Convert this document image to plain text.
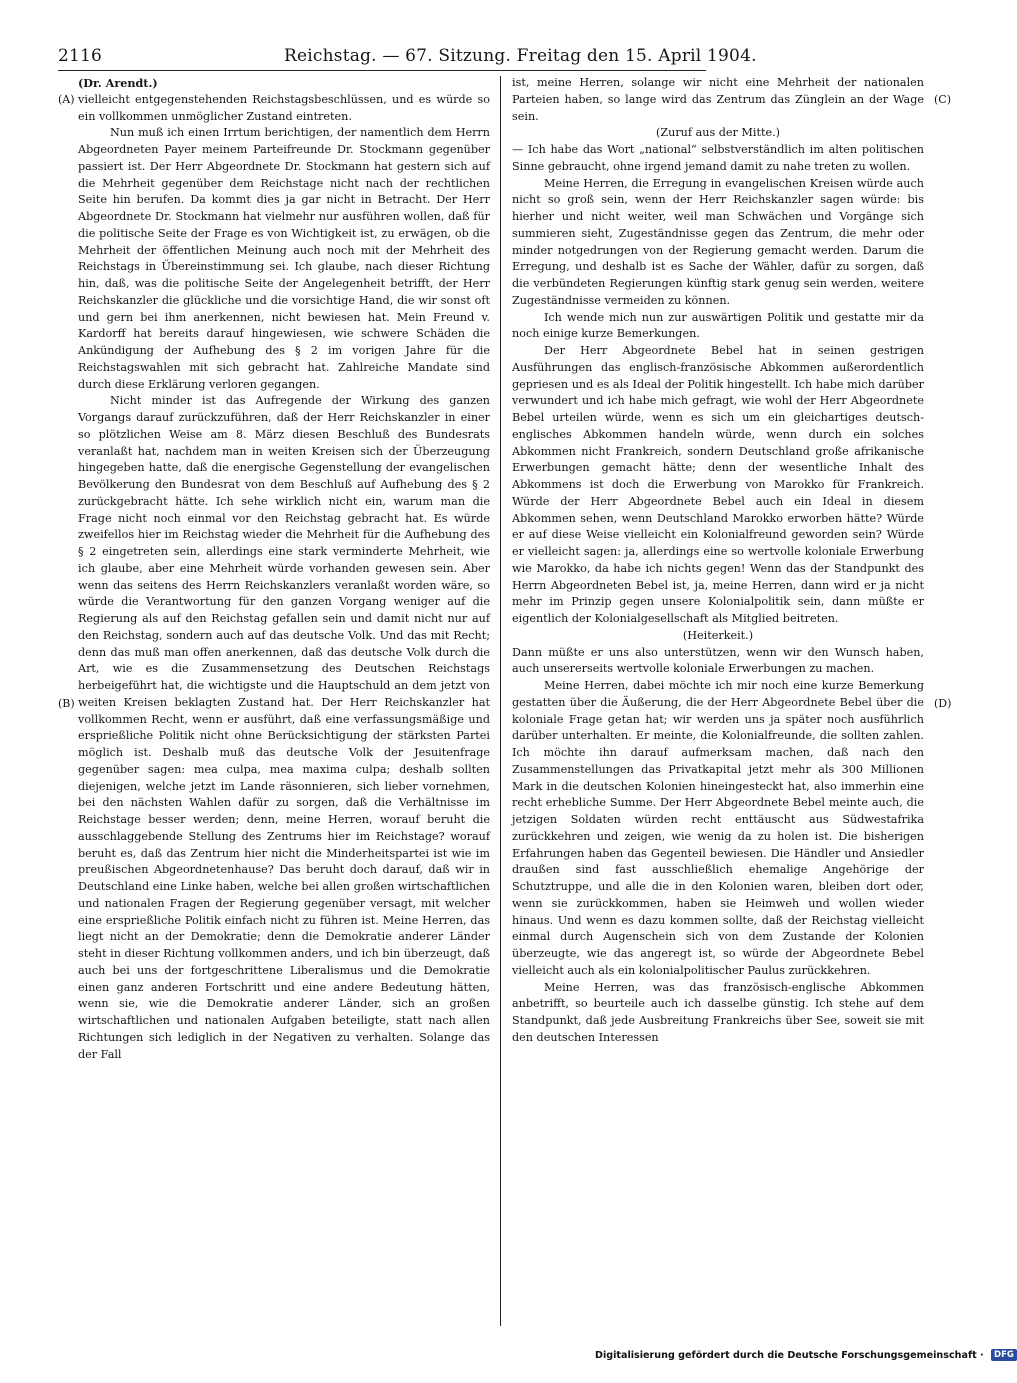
2116	Reichstag. — 67. Sitzung. Freitag den 15. April 1904.
(A)
(B)
(C)
(D)

(Dr. Arendt.)

vielleicht entgegenstehenden Reichstagsbeschlüssen, und es würde so ein vollkommen unmöglicher Zustand eintreten.

Nun muß ich einen Irrtum berichtigen, der namentlich dem Herrn Abgeordneten Payer meinem Parteifreunde Dr. Stockmann gegenüber passiert ist. Der Herr Abgeordnete Dr. Stockmann hat gestern sich auf die Mehrheit gegenüber dem Reichstage nicht nach der rechtlichen Seite hin berufen. Da kommt dies ja gar nicht in Betracht. Der Herr Abgeordnete Dr. Stockmann hat vielmehr nur ausführen wollen, daß für die politische Seite der Frage es von Wichtigkeit ist, zu erwägen, ob die Mehrheit der öffentlichen Meinung auch noch mit der Mehrheit des Reichstags in Übereinstimmung sei. Ich glaube, nach dieser Richtung hin, daß, was die politische Seite der Angelegenheit betrifft, der Herr Reichskanzler die glückliche und die vorsichtige Hand, die wir sonst oft und gern bei ihm anerkennen, nicht bewiesen hat. Mein Freund v. Kardorff hat bereits darauf hingewiesen, wie schwere Schäden die Ankündigung der Aufhebung des § 2 im vorigen Jahre für die Reichstagswahlen mit sich gebracht hat. Zahlreiche Mandate sind durch diese Erklärung verloren gegangen.

Nicht minder ist das Aufregende der Wirkung des ganzen Vorgangs darauf zurückzuführen, daß der Herr Reichskanzler in einer so plötzlichen Weise am 8. März diesen Beschluß des Bundesrats veranlaßt hat, nachdem man in weiten Kreisen sich der Überzeugung hingegeben hatte, daß die energische Gegenstellung der evangelischen Bevölkerung den Bundesrat von dem Beschluß auf Aufhebung des § 2 zurückgebracht hätte. Ich sehe wirklich nicht ein, warum man die Frage nicht noch einmal vor den Reichstag gebracht hat. Es würde zweifellos hier im Reichstag wieder die Mehrheit für die Aufhebung des § 2 eingetreten sein, allerdings eine stark verminderte Mehrheit, wie ich glaube, aber eine Mehrheit würde vorhanden gewesen sein. Aber wenn das seitens des Herrn Reichskanzlers veranlaßt worden wäre, so würde die Verantwortung für den ganzen Vorgang weniger auf die Regierung als auf den Reichstag gefallen sein und damit nicht nur auf den Reichstag, sondern auch auf das deutsche Volk. Und das mit Recht; denn das muß man offen anerkennen, daß das deutsche Volk durch die Art, wie es die Zusammensetzung des Deutschen Reichstags herbeigeführt hat, die wichtigste und die Hauptschuld an dem jetzt von weiten Kreisen beklagten Zustand hat. Der Herr Reichskanzler hat vollkommen Recht, wenn er ausführt, daß eine verfassungsmäßige und ersprießliche Politik nicht ohne Berücksichtigung der stärksten Partei möglich ist. Deshalb muß das deutsche Volk der Jesuitenfrage gegenüber sagen: mea culpa, mea maxima culpa; deshalb sollten diejenigen, welche jetzt im Lande räsonnieren, sich lieber vornehmen, bei den nächsten Wahlen dafür zu sorgen, daß die Verhältnisse im Reichstage besser werden; denn, meine Herren, worauf beruht die ausschlaggebende Stellung des Zentrums hier im Reichstage? worauf beruht es, daß das Zentrum hier nicht die Minderheitspartei ist wie im preußischen Abgeordnetenhause? Das beruht doch darauf, daß wir in Deutschland eine Linke haben, welche bei allen großen wirtschaftlichen und nationalen Fragen der Regierung gegenüber versagt, mit welcher eine ersprießliche Politik einfach nicht zu führen ist. Meine Herren, das liegt nicht an der Demokratie; denn die Demokratie anderer Länder steht in dieser Richtung vollkommen anders, und ich bin überzeugt, daß auch bei uns der fortgeschrittene Liberalismus und die Demokratie einen ganz anderen Fortschritt und eine andere Bedeutung hätten, wenn sie, wie die Demokratie anderer Länder, sich an großen wirtschaftlichen und nationalen Aufgaben beteiligte, statt nach allen Richtungen sich lediglich in der Negativen zu verhalten. Solange das der Fall

ist, meine Herren, solange wir nicht eine Mehrheit der nationalen Parteien haben, so lange wird das Zentrum das Zünglein an der Wage sein.

(Zuruf aus der Mitte.)

— Ich habe das Wort „national“ selbstverständlich im alten politischen Sinne gebraucht, ohne irgend jemand damit zu nahe treten zu wollen.

Meine Herren, die Erregung in evangelischen Kreisen würde auch nicht so groß sein, wenn der Herr Reichskanzler sagen würde: bis hierher und nicht weiter, weil man Schwächen und Vorgänge sich summieren sieht, Zugeständnisse gegen das Zentrum, die mehr oder minder notgedrungen von der Regierung gemacht werden. Darum die Erregung, und deshalb ist es Sache der Wähler, dafür zu sorgen, daß die verbündeten Regierungen künftig stark genug sein werden, weitere Zugeständnisse vermeiden zu können.

Ich wende mich nun zur auswärtigen Politik und gestatte mir da noch einige kurze Bemerkungen.

Der Herr Abgeordnete Bebel hat in seinen gestrigen Ausführungen das englisch-französische Abkommen außerordentlich gepriesen und es als Ideal der Politik hingestellt. Ich habe mich darüber verwundert und ich habe mich gefragt, wie wohl der Herr Abgeordnete Bebel urteilen würde, wenn es sich um ein gleichartiges deutsch-englisches Abkommen handeln würde, wenn durch ein solches Abkommen nicht Frankreich, sondern Deutschland große afrikanische Erwerbungen gemacht hätte; denn der wesentliche Inhalt des Abkommens ist doch die Erwerbung von Marokko für Frankreich. Würde der Herr Abgeordnete Bebel auch ein Ideal in diesem Abkommen sehen, wenn Deutschland Marokko erworben hätte? Würde er auf diese Weise vielleicht ein Kolonialfreund geworden sein? Würde er vielleicht sagen: ja, allerdings eine so wertvolle koloniale Erwerbung wie Marokko, da habe ich nichts gegen! Wenn das der Standpunkt des Herrn Abgeordneten Bebel ist, ja, meine Herren, dann wird er ja nicht mehr im Prinzip gegen unsere Kolonialpolitik sein, dann müßte er eigentlich der Kolonialgesellschaft als Mitglied beitreten.

(Heiterkeit.)

Dann müßte er uns also unterstützen, wenn wir den Wunsch haben, auch unsererseits wertvolle koloniale Erwerbungen zu machen.

Meine Herren, dabei möchte ich mir noch eine kurze Bemerkung gestatten über die Äußerung, die der Herr Abgeordnete Bebel über die koloniale Frage getan hat; wir werden uns ja später noch ausführlich darüber unterhalten. Er meinte, die Kolonialfreunde, die sollten zahlen. Ich möchte ihn darauf aufmerksam machen, daß nach den Zusammenstellungen das Privatkapital jetzt mehr als 300 Millionen Mark in die deutschen Kolonien hineingesteckt hat, also immerhin eine recht erhebliche Summe. Der Herr Abgeordnete Bebel meinte auch, die jetzigen Soldaten würden recht enttäuscht aus Südwestafrika zurückkehren und zeigen, wie wenig da zu holen ist. Die bisherigen Erfahrungen haben das Gegenteil bewiesen. Die Händler und Ansiedler draußen sind fast ausschließlich ehemalige Angehörige der Schutztruppe, und alle die in den Kolonien waren, bleiben dort oder, wenn sie zurückkommen, haben sie Heimweh und wollen wieder hinaus. Und wenn es dazu kommen sollte, daß der Reichstag vielleicht einmal durch Augenschein sich von dem Zustande der Kolonien überzeugte, wie das angeregt ist, so würde der Abgeordnete Bebel vielleicht auch als ein kolonialpolitischer Paulus zurückkehren.

Meine Herren, was das französisch-englische Abkommen anbetrifft, so beurteile auch ich dasselbe günstig. Ich stehe auf dem Standpunkt, daß jede Ausbreitung Frankreichs über See, soweit sie mit den deutschen Interessen

Digitalisierung gefördert durch die Deutsche Forschungsgemeinschaft · DFG
